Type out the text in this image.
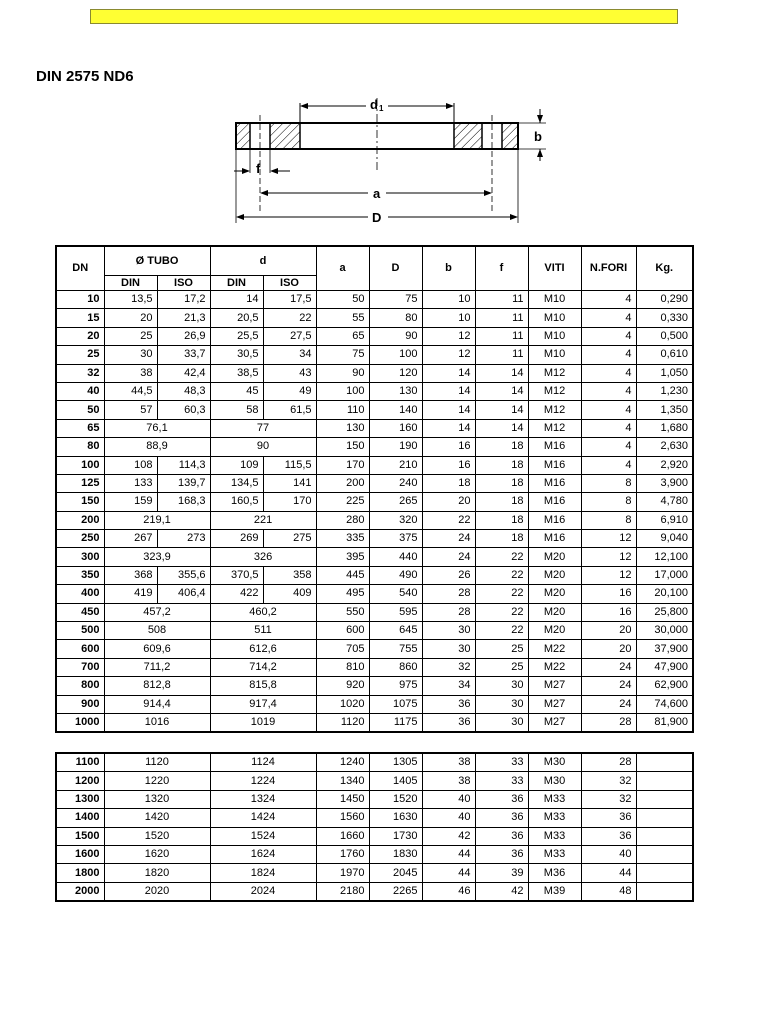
DIN 2575 ND6
d 1
b
f
a
D
DN	Ø TUBO		d		a	D	b	f	VITI	N.FORI	Kg.
	DIN	ISO	DIN	ISO							
10	13,5	17,2	14	17,5	50	75	10	11	M10	4	0,290
15	20	21,3	20,5	22	55	80	10	11	M10	4	0,330
20	25	26,9	25,5	27,5	65	90	12	11	M10	4	0,500
25	30	33,7	30,5	34	75	100	12	11	M10	4	0,610
32	38	42,4	38,5	43	90	120	14	14	M12	4	1,050
40	44,5	48,3	45	49	100	130	14	14	M12	4	1,230
50	57	60,3	58	61,5	110	140	14	14	M12	4	1,350
65	76,1		77		130	160	14	14	M12	4	1,680
80	88,9		90		150	190	16	18	M16	4	2,630
100	108	114,3	109	115,5	170	210	16	18	M16	4	2,920
125	133	139,7	134,5	141	200	240	18	18	M16	8	3,900
150	159	168,3	160,5	170	225	265	20	18	M16	8	4,780
200	219,1		221		280	320	22	18	M16	8	6,910
250	267	273	269	275	335	375	24	18	M16	12	9,040
300	323,9		326		395	440	24	22	M20	12	12,100
350	368	355,6	370,5	358	445	490	26	22	M20	12	17,000
400	419	406,4	422	409	495	540	28	22	M20	16	20,100
450	457,2		460,2		550	595	28	22	M20	16	25,800
500	508		511		600	645	30	22	M20	20	30,000
600	609,6		612,6		705	755	30	25	M22	20	37,900
700	711,2		714,2		810	860	32	25	M22	24	47,900
800	812,8		815,8		920	975	34	30	M27	24	62,900
900	914,4		917,4		1020	1075	36	30	M27	24	74,600
1000	1016		1019		1120	1175	36	30	M27	28	81,900
1100	1120	1124	1240	1305	38	33	M30	28	
1200	1220	1224	1340	1405	38	33	M30	32	
1300	1320	1324	1450	1520	40	36	M33	32	
1400	1420	1424	1560	1630	40	36	M33	36	
1500	1520	1524	1660	1730	42	36	M33	36	
1600	1620	1624	1760	1830	44	36	M33	40	
1800	1820	1824	1970	2045	44	39	M36	44	
2000	2020	2024	2180	2265	46	42	M39	48	
